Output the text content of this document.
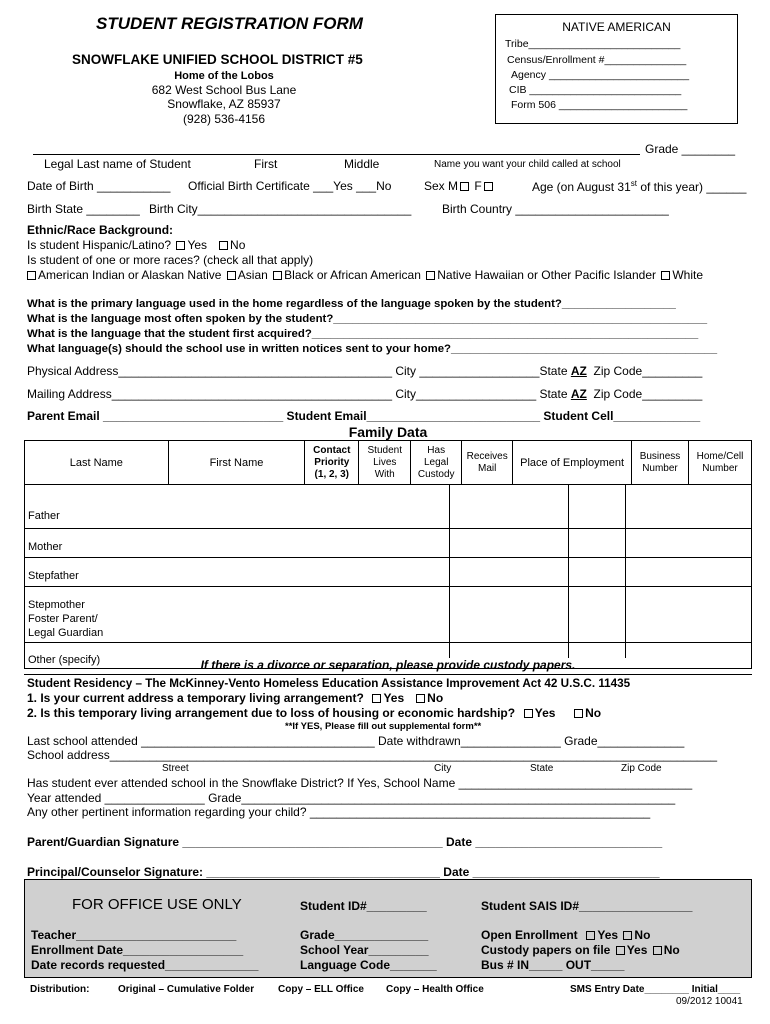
STUDENT REGISTRATION FORM
SNOWFLAKE UNIFIED SCHOOL DISTRICT #5
Home of the Lobos
682 West School Bus Lane
Snowflake, AZ 85937
(928) 536-4156
NATIVE AMERICAN
Tribe__________________________
Census/Enrollment #______________
Agency ________________________
CIB __________________________
Form 506 ______________________
Grade ________
Legal Last name of Student	First	Middle	Name you want your child called at school
Date of Birth ___________ Official Birth Certificate ___Yes ___No	Sex M F	Age (on August 31st of this year) ______
Birth State ________ Birth City________________________________	Birth Country _______________________
Ethnic/Race Background:
Is student Hispanic/Latino? Yes No
Is student of one or more races? (check all that apply)
American Indian or Alaskan Native Asian Black or African American Native Hawaiian or Other Pacific Islander White
What is the primary language used in the home regardless of the language spoken by the student?__________________
What is the language most often spoken by the student?___________________________________________________________
What is the language that the student first acquired?_____________________________________________________________
What language(s) should the school use in written notices sent to your home?__________________________________________
Physical Address_________________________________________ City __________________State AZ Zip Code_________
Mailing Address__________________________________________ City__________________ State AZ Zip Code_________
Parent Email ___________________________ Student Email__________________________ Student Cell_____________
Family Data
Last Name	First Name	Contact Priority (1, 2, 3)	Student Lives With	Has Legal Custody	Receives Mail	Place of Employment	Business Number	Home/Cell Number
Father
Mother
Stepfather

Stepmother
Foster Parent/
Legal Guardian

Other (specify)	If there is a divorce or separation, please provide custody papers.
Student Residency – The McKinney-Vento Homeless Education Assistance Improvement Act 42 U.S.C. 11435
1. Is your current address a temporary living arrangement? Yes No
2. Is this temporary living arrangement due to loss of housing or economic hardship? Yes No
**If YES, Please fill out supplemental form**
Last school attended ___________________________________ Date withdrawn_______________ Grade_____________
School address___________________________________________________________________________________________
Street	City	State	Zip Code
Has student ever attended school in the Snowflake District? If Yes, School Name ___________________________________
Year attended _______________ Grade_________________________________________________________________
Any other pertinent information regarding your child? ___________________________________________________
Parent/Guardian Signature _______________________________________ Date ____________________________
Principal/Counselor Signature: ___________________________________ Date ____________________________
FOR OFFICE USE ONLY	Student ID#_________	Student SAIS ID#_________________
Teacher________________________
Enrollment Date__________________
Date records requested______________
Grade______________
School Year_________
Language Code_______
Open Enrollment Yes No
Custody papers on file Yes No
Bus # IN_____ OUT_____
Distribution:	Original – Cumulative Folder Copy – ELL Office Copy – Health Office	SMS Entry Date________ Initial____
09/2012 10041
